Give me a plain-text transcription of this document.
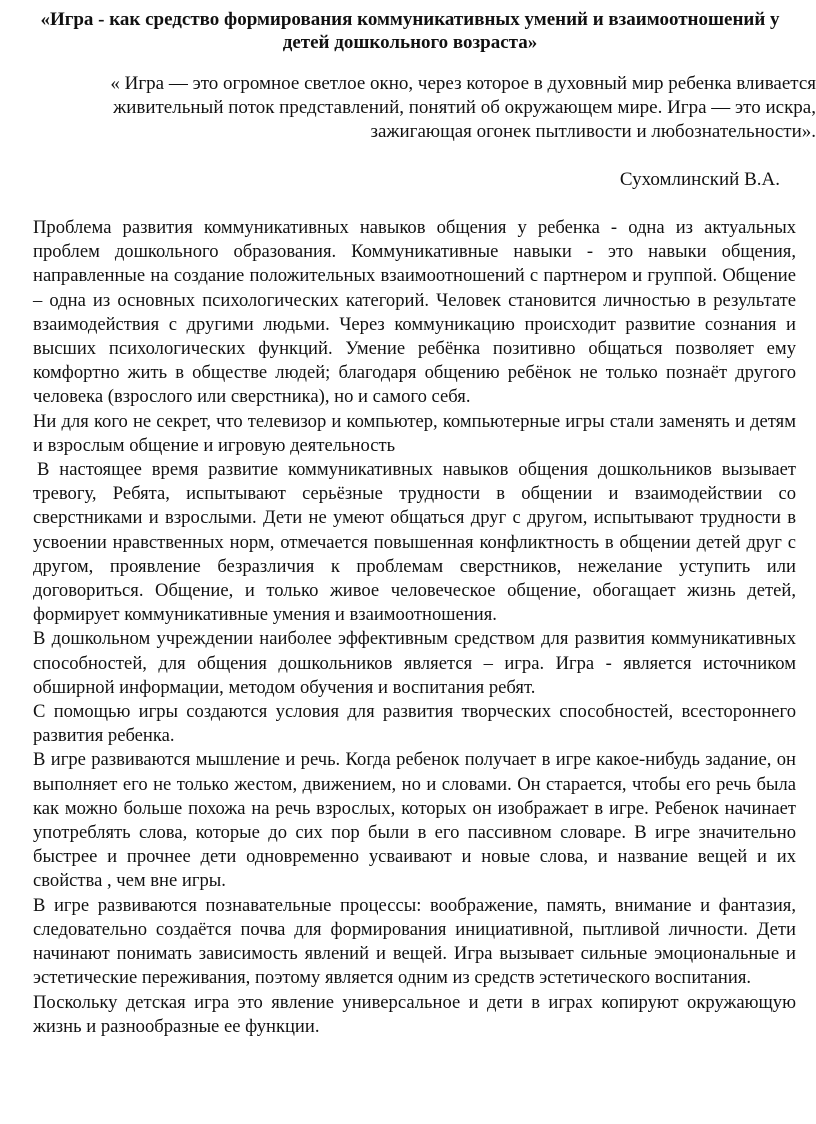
«Игра - как средство формирования коммуникативных умений и взаимоотношений у детей дошкольного возраста»
« Игра — это огромное светлое окно, через которое в духовный мир ребенка вливается живительный поток представлений, понятий об окружающем мире. Игра — это искра, зажигающая огонек пытливости и любознательности».
Сухомлинский В.А.

Проблема развития коммуникативных навыков общения у ребенка - одна из актуальных проблем дошкольного образования. Коммуникативные навыки - это навыки общения, направленные на создание положительных взаимоотношений с партнером и группой. Общение – одна из основных психологических категорий. Человек становится личностью в результате взаимодействия с другими людьми. Через коммуникацию происходит развитие сознания и высших психологических функций. Умение ребёнка позитивно общаться позволяет ему комфортно жить в обществе людей; благодаря общению ребёнок не только познаёт другого человека (взрослого или сверстника), но и самого себя.

Ни для кого не секрет, что телевизор и компьютер, компьютерные игры стали заменять и детям и взрослым общение и игровую деятельность

В настоящее время развитие коммуникативных навыков общения дошкольников вызывает тревогу, Ребята, испытывают серьёзные трудности в общении и взаимодействии со сверстниками и взрослыми. Дети не умеют общаться друг с другом, испытывают трудности в усвоении нравственных норм, отмечается повышенная конфликтность в общении детей друг с другом, проявление безразличия к проблемам сверстников, нежелание уступить или договориться. Общение, и только живое человеческое общение, обогащает жизнь детей, формирует коммуникативные умения и взаимоотношения.

В дошкольном учреждении наиболее эффективным средством для развития коммуникативных способностей, для общения дошкольников является – игра. Игра - является источником обширной информации, методом обучения и воспитания ребят.

С помощью игры создаются условия для развития творческих способностей, всестороннего развития ребенка.

В игре развиваются мышление и речь. Когда ребенок получает в игре какое-нибудь задание, он выполняет его не только жестом, движением, но и словами. Он старается, чтобы его речь была как можно больше похожа на речь взрослых, которых он изображает в игре. Ребенок начинает употреблять слова, которые до сих пор были в его пассивном словаре. В игре значительно быстрее и прочнее дети одновременно усваивают и новые слова, и название вещей и их свойства , чем вне игры.

В игре развиваются познавательные процессы: воображение, память, внимание и фантазия, следовательно создаётся почва для формирования инициативной, пытливой личности. Дети начинают понимать зависимость явлений и вещей. Игра вызывает сильные эмоциональные и эстетические переживания, поэтому является одним из средств эстетического воспитания.

Поскольку детская игра это явление универсальное и дети в играх копируют окружающую жизнь и разнообразные ее функции.
